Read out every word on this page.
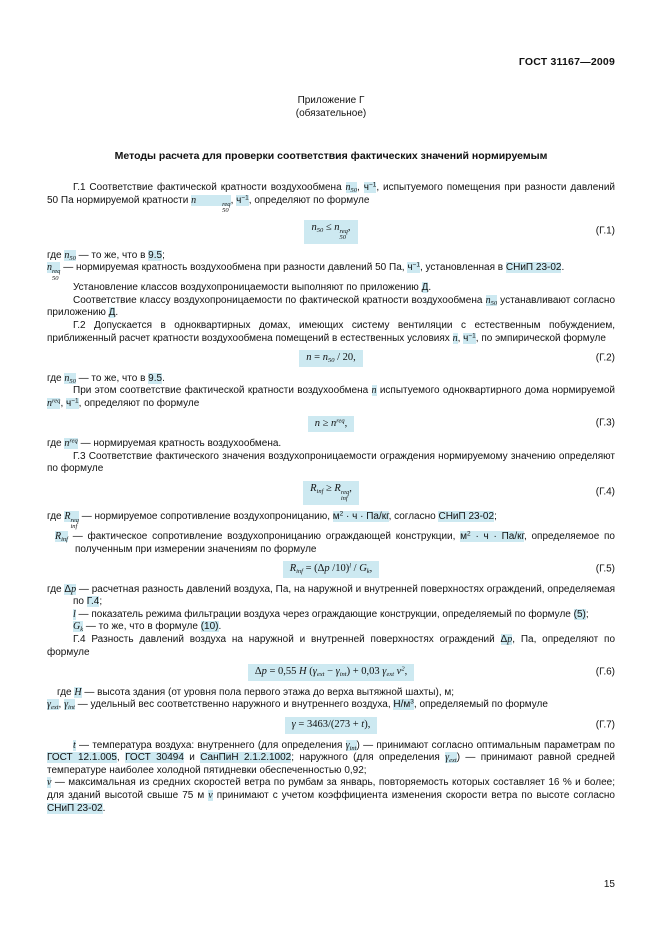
ГОСТ 31167—2009
Приложение Г
(обязательное)
Методы расчета для проверки соответствия фактических значений нормируемым
Г.1 Соответствие фактической кратности воздухообмена $n_{50}$, $ч^{-1}$, испытуемого помещения при разности давлений 50 Па нормируемой кратности n	req
50
, $ч^{-1}$, определяют по формуле
$n_{50} \le n$ req
50
,	(Г.1)
где $n_{50}$ — то же, что в 9.5;
n req
50
— нормируемая кратность воздухообмена при разности давлений 50 Па, $ч^{-1}$, установленная в СНиП 23-02.
Установление классов воздухопроницаемости выполняют по приложению Д.
Соответствие классу воздухопроницаемости по фактической кратности воздухообмена $n_{50}$ устанавливают согласно приложению Д.
Г.2 Допускается в одноквартирных домах, имеющих систему вентиляции с естественным побуждением, приближенный расчет кратности воздухообмена помещений в естественных условиях n, $ч^{-1}$, по эмпирической формуле
$n = n_{50} / 20$,	(Г.2)
где $n_{50}$ — то же, что в 9.5.
При этом соответствие фактической кратности воздухообмена n испытуемого одноквартирного дома нормируемой $n^{req}$, $ч^{-1}$, определяют по формуле
$n \ge n^{req}$,	(Г.3)
где $n^{req}$ — нормируемая кратность воздухообмена.
Г.3 Соответствие фактического значения воздухопроницаемости ограждения нормируемому значению определяют по формуле
$R_{inf} \ge R$ req
inf
,	(Г.4)
где R req
inf
— нормируемое сопротивление воздухопроницанию, $м^2 \cdot ч \cdot Па/кг$, согласно СНиП 23-02;
$R_{inf}$ — фактическое сопротивление воздухопроницанию ограждающей конструкции, $м^2 \cdot ч \cdot Па/кг$, определяемое по полученным при измерении значениям по формуле
$R_{inf} = (\Delta p$ $/10)^l / G_k$,	(Г.5)
где Δp — расчетная разность давлений воздуха, Па, на наружной и внутренней поверхностях ограждений, определяемая по Г.4;
l — показатель режима фильтрации воздуха через ограждающие конструкции, определяемый по формуле (5);
$G_k$ — то же, что в формуле (10).
Г.4 Разность давлений воздуха на наружной и внутренней поверхностях ограждений Δp, Па, определяют по формуле
Δp = 0,55 H $(\gamma_{ext} - \gamma_{int}) + 0,03$ $\gamma_{ext}$ $\nu^2$,	(Г.6)
где H — высота здания (от уровня пола первого этажа до верха вытяжной шахты), м;
$\gamma_{ext}$, $\gamma_{int}$ — удельный вес соответственно наружного и внутреннего воздуха, $Н/м^3$, определяемый по формуле
γ = 3463/(273 + t),	(Г.7)
t — температура воздуха: внутреннего (для определения $\gamma_{int}$) — принимают согласно оптимальным параметрам по ГОСТ 12.1.005, ГОСТ 30494 и СанПиН 2.1.2.1002; наружного (для определения $\gamma_{ext}$) — принимают равной средней температуре наиболее холодной пятидневки обеспеченностью 0,92;
ν — максимальная из средних скоростей ветра по румбам за январь, повторяемость которых составляет 16 % и более; для зданий высотой свыше 75 м ν принимают с учетом коэффициента изменения скорости ветра по высоте согласно СНиП 23-02.
15
